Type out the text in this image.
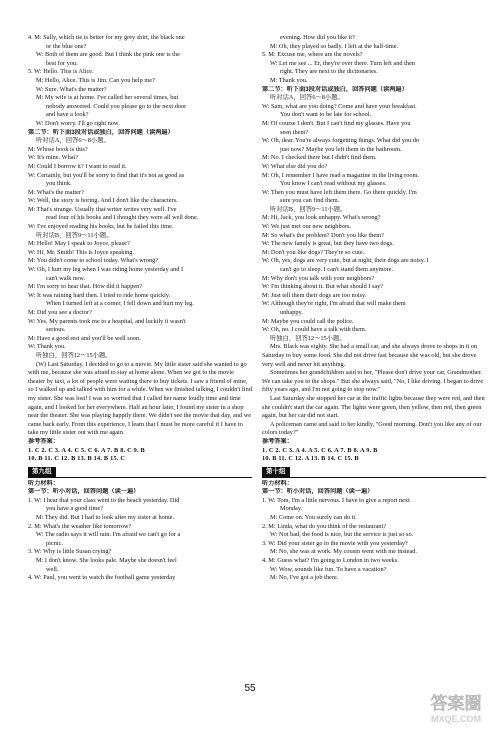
4. M: Sally, which tie is better for my grey shirt, the black one
or the blue one?
W: Both of them are good. But I think the pink one is the
best for you.
5. W: Hello. This is Alice.
M: Hello, Alice. This is Jim. Can you help me?
W: Sure. What's the matter?
M: My wife is at home. I've called her several times, but
nobody answered. Could you please go to the next door
and have a look?
W: Don't worry. I'll go right now.
第二节：听下面3段对话或独白，回答问题（读两遍）
听对话A，回答6～8小题。
M: Whose book is this?
W: It's mine. What?
M: Could I borrow it? I want to read it.
W: Certainly, but you'll be sorry to find that it's not as good as
you think.
M: What's the matter?
W: Well, the story is boring. And I don't like the characters.
M: That's strange. Usually that writer writes very well. I've
read four of his books and I thought they were all well done.
W: I've enjoyed reading his books, but he failed this time.
听对话B，回答9～11小题。
M: Hello! May I speak to Joyce, please?
W: Hi, Mr. Smith! This is Joyce speaking.
M: You didn't come to school today. What's wrong?
W: Oh, I hurt my leg when I was riding home yesterday and I
can't walk now.
M: I'm sorry to hear that. How did it happen?
W: It was raining hard then. I tried to ride home quickly.
When I turned left at a corner, I fell down and hurt my leg.
M: Did you see a doctor?
W: Yes. My parents took me to a hospital, and luckily it wasn't
serious.
M: Have a good rest and you'll be well soon.
W: Thank you.
听独白，回答12～15小题。
(W) Last Saturday, I decided to go to a movie. My little sister said she wanted to go with me, because she was afraid to stay at home alone. When we got to the movie theater by taxi, a lot of people were waiting there to buy tickets. I saw a friend of mine, so I walked up and talked with him for a while. When we finished talking, I couldn't find my sister. She was lost! I was so worried that I called her name loudly time and time again, and I looked for her everywhere. Half an hour later, I found my sister in a shop near the theater. She was playing happily there. We didn't see the movie that day, and we came back early. From this experience, I learn that I must be more careful if I have to take my little sister out with me again.
参考答案：
1. C 2. C 3. A 4. C 5. C 6. A 7. B 8. C 9. B
10. B 11. C 12. B 13. B 14. B 15. C
第九组
听力材料：
第一节：听小对话，回答问题（读一遍）
1. W: I hear that your class went to the beach yesterday. Did
you have a good time?
M: They did. But I had to look after my sister at home.
2. M: What's the weather like tomorrow?
W: The radio says it will rain. I'm afraid we can't go for a
picnic.
3. W: Why is little Susan crying?
M: I don't know. She looks pale. Maybe she doesn't feel
well.
4. W: Paul, you went to watch the football game yesterday
evening. How did you like it?
M: Oh, they played so badly. I left at the half-time.
5. M: Excuse me, where are the novels?
W: Let me see ... Er, they're over there. Turn left and then
right. They are next to the dictionaries.
M: Thank you.
第二节：听下面3段对话或独白，回答问题（读两遍）
听对话A，回答6～8小题。
W: Sam, what are you doing? Come and have your breakfast.
You don't want to be late for school.
M: Of course I don't. But I can't find my glasses. Have you
seen them?
W: Oh, dear. You're always forgetting things. What did you do
just now? Maybe you left them in the bathroom.
M: No. I checked there but I didn't find them.
W: What else did you do?
M: Oh, I remember I have read a magazine in the living room.
You know I can't read without my glasses.
W: Then you must have left them there. Go there quickly. I'm
sure you can find them.
听对话B，回答9～11小题。
M: Hi, Jack, you look unhappy. What's wrong?
W: We just met our new neighbors.
M: So what's the problem? Don't you like them?
W: The new family is great, but they have two dogs.
M: Don't you like dogs? They're so cute.
W: Oh, yes, dogs are very cute, but at night, their dogs are noisy. I
can't go to sleep. I can't stand them anymore.
M: Why don't you talk with your neighbors?
W: I'm thinking about it. But what should I say?
M: Just tell them their dogs are too noisy.
W: Although they're right, I'm afraid that will make them
unhappy.
M: Maybe you could call the police.
W: Oh, no. I could have a talk with them.
听独白，回答12～15小题。
Mrs. Black was eighty. She had a small car, and she always drove to shops in it on Saturday to buy some food. She did not drive fast because she was old, but she drove very well and never hit anything.
Sometimes her grandchildren said to her, "Please don't drive your car, Grandmother. We can take you to the shops." But she always said, "No, I like driving. I began to drive fifty years ago, and I'm not going to stop now."
Last Saturday she stopped her car at the traffic lights because they were red, and then she couldn't start the car again. The lights were green, then yellow, then red, then green again, but her car did not start.
A policeman came and said to her kindly, "Good morning. Don't you like any of our colors today?"
参考答案：
1. C 2. C 3. A 4. A 5. C 6. A 7. B 8. A 9. B
10. B 11. C 12. A 13. B 14. C 15. B
第十组
听力材料：
第一节：听小对话，回答问题（读一遍）
1. W: Tom, I'm a little nervous. I have to give a report next
Monday.
M: Come on. You surely can do it.
2. M: Linda, what do you think of the restaurant?
W: Not bad, the food is nice, but the service is just so so.
3. W: Did your sister go to the movie with you yesterday?
M: No, she was at work. My cousin went with me instead.
4. M: Guess what? I'm going to London in two weeks.
W: Wow, sounds like fun. To have a vacation?
M: No, I've got a job there.
55
答案圈
MXQE.COM
